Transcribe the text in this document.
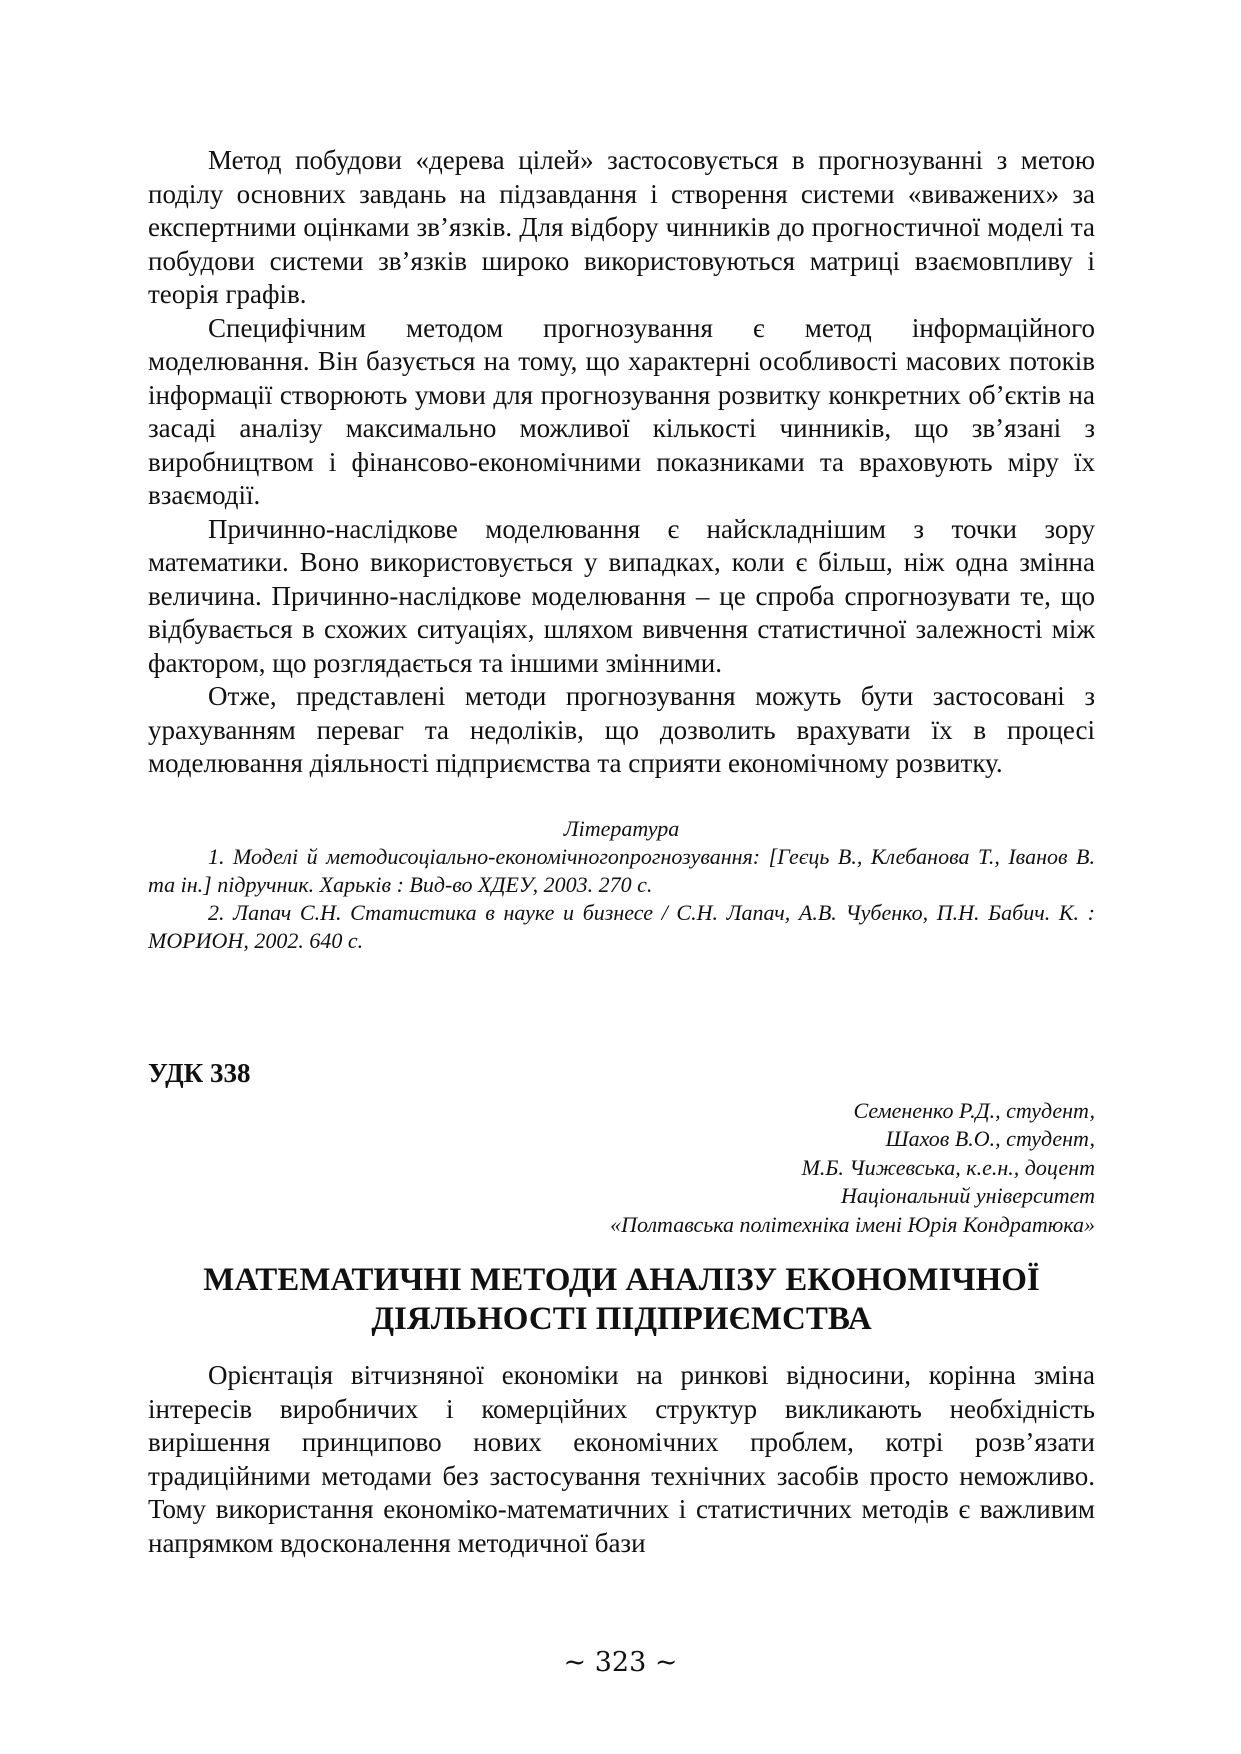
Метод побудови «дерева цілей» застосовується в прогнозуванні з метою поділу основних завдань на підзавдання і створення системи «виважених» за експертними оцінками зв’язків. Для відбору чинників до прогностичної моделі та побудови системи зв’язків широко використовуються матриці взаємовпливу і теорія графів.

Специфічним методом прогнозування є метод інформаційного моделювання. Він базується на тому, що характерні особливості масових потоків інформації створюють умови для прогнозування розвитку конкретних об’єктів на засаді аналізу максимально можливої кількості чинників, що зв’язані з виробництвом і фінансово-економічними показниками та враховують міру їх взаємодії.

Причинно-наслідкове моделювання є найскладнішим з точки зору математики. Воно використовується у випадках, коли є більш, ніж одна змінна величина. Причинно-наслідкове моделювання – це спроба спрогнозувати те, що відбувається в схожих ситуаціях, шляхом вивчення статистичної залежності між фактором, що розглядається та іншими змінними.

Отже, представлені методи прогнозування можуть бути застосовані з урахуванням переваг та недоліків, що дозволить врахувати їх в процесі моделювання діяльності підприємства та сприяти економічному розвитку.

Література

1. Моделі й методисоціально-економічногопрогнозування: [Геєць В., Клебанова Т., Іванов В. та ін.] підручник. Харьків : Вид-во ХДЕУ, 2003. 270 с.

2. Лапач С.Н. Статистика в науке и бизнесе / С.Н. Лапач, А.В. Чубенко, П.Н. Бабич. К. : МОРИОН, 2002. 640 с.

УДК 338
Семененко Р.Д., студент,
Шахов В.О., студент,
М.Б. Чижевська, к.е.н., доцент
Національний університет
«Полтавська політехніка імені Юрія Кондратюка»
МАТЕМАТИЧНІ МЕТОДИ АНАЛІЗУ ЕКОНОМІЧНОЇ
ДІЯЛЬНОСТІ ПІДПРИЄМСТВА

Орієнтація вітчизняної економіки на ринкові відносини, корінна зміна інтересів виробничих і комерційних структур викликають необхідність вирішення принципово нових економічних проблем, котрі розв’язати традиційними методами без застосування технічних засобів просто неможливо. Тому використання економіко-математичних і статистичних методів є важливим напрямком вдосконалення методичної бази

~ 323 ~
